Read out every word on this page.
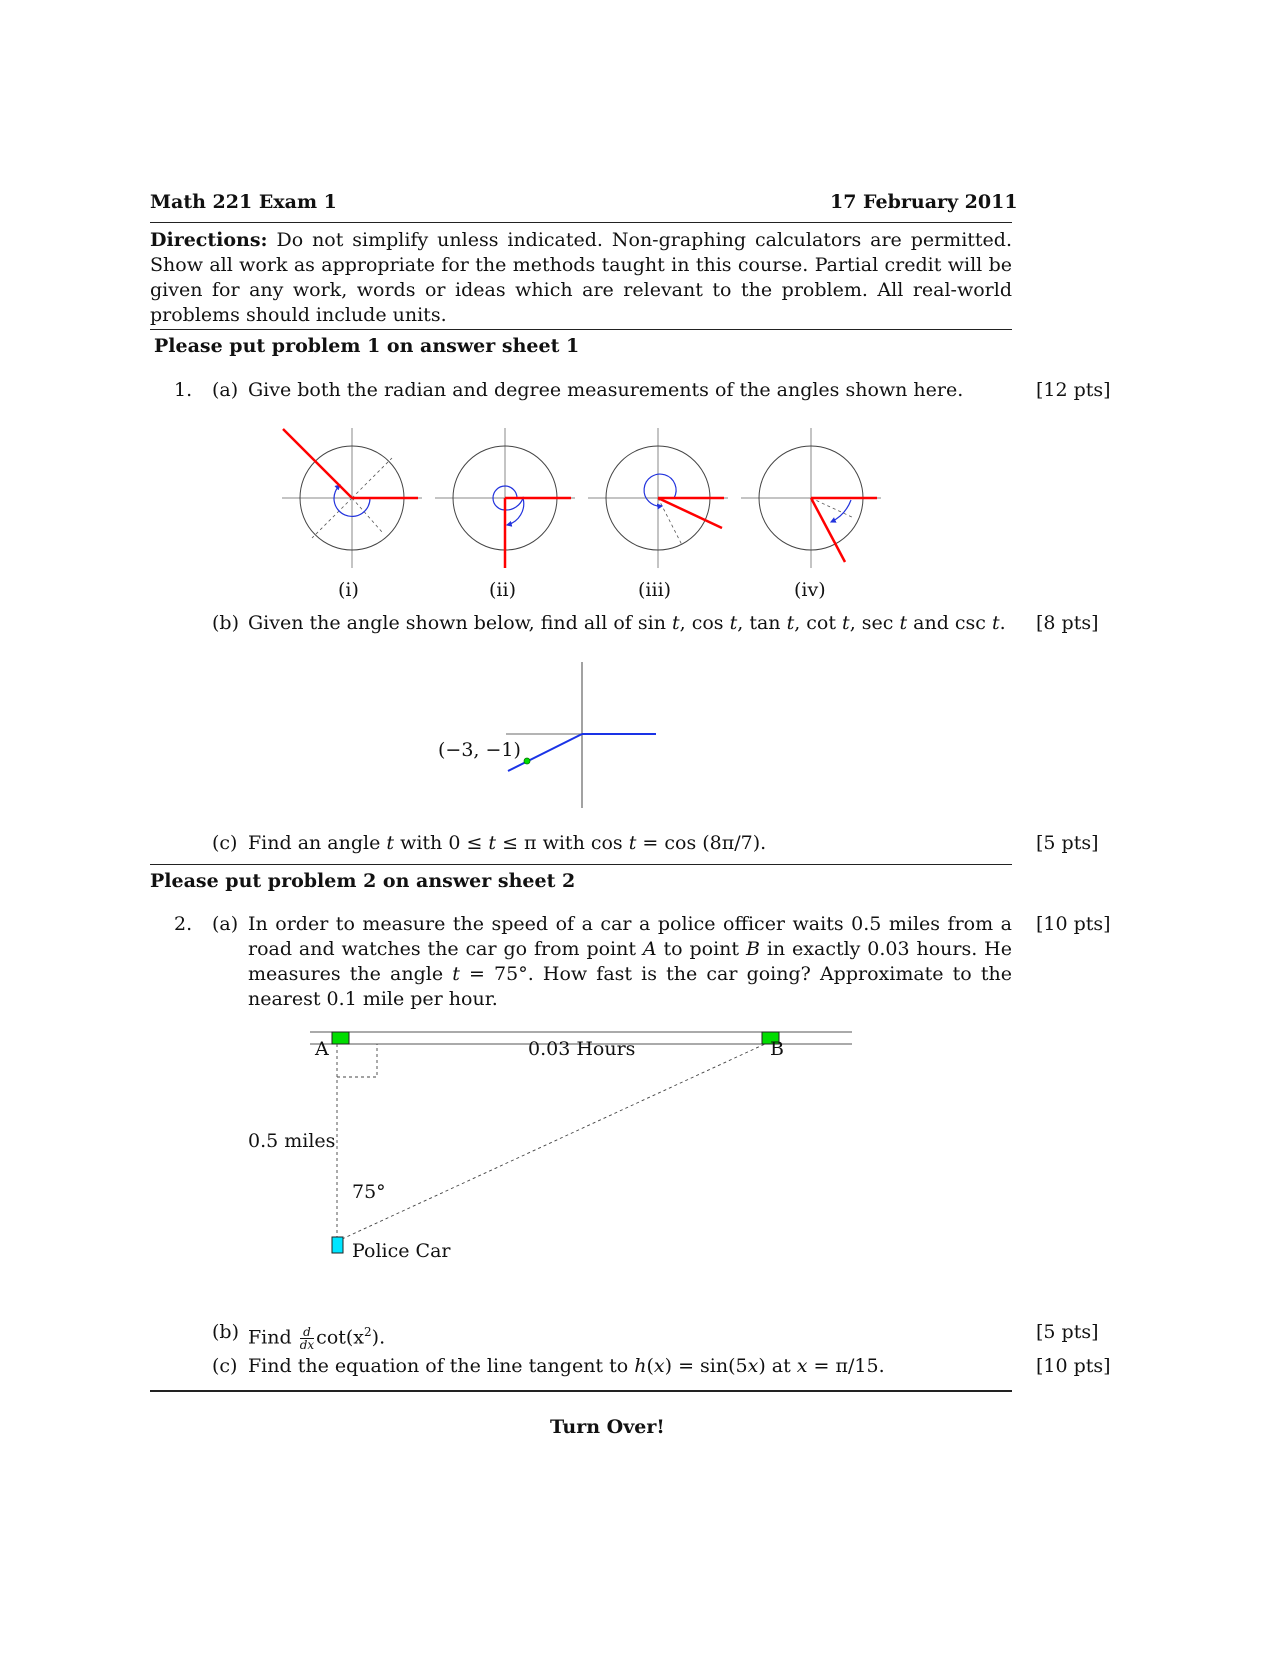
Math 221 Exam 1	17 February 2011
Directions: Do not simplify unless indicated. Non-graphing calculators are permitted. Show all work as appropriate for the methods taught in this course. Partial credit will be given for any work, words or ideas which are relevant to the problem. All real-world problems should include units.
Please put problem 1 on answer sheet 1
1. (a) Give both the radian and degree measurements of the angles shown here.	[12 pts]
(i)	(ii)	(iii)	(iv)
(b) Given the angle shown below, find all of sin t, cos t, tan t, cot t, sec t and csc t. [8 pts]
(−3, −1)
(c) Find an angle t with 0 ≤ t ≤ π with cos t = cos (8π/7).	[5 pts]
Please put problem 2 on answer sheet 2
2. (a) In order to measure the speed of a car a police officer waits 0.5 miles from a road and watches the car go from point A to point B in exactly 0.03 hours. He measures the angle t = 75°. How fast is the car going? Approximate to the nearest 0.1 mile per hour.
[10 pts]
A	B
0.03 Hours
0.5 miles
75°
Police Car
(b) Find $\frac{d}{dx} \cot(x^2)$.	[5 pts]
(c) Find the equation of the line tangent to h(x) = sin(5x) at x = π/15.	[10 pts]
Turn Over!
